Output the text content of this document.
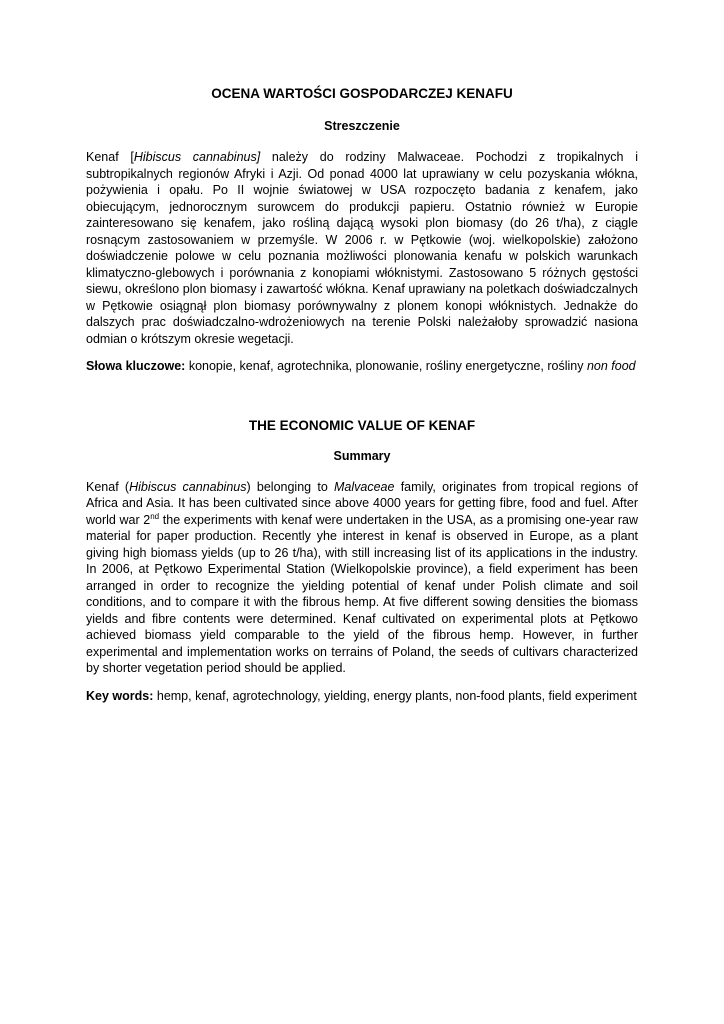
OCENA WARTOŚCI GOSPODARCZEJ KENAFU
Streszczenie

Kenaf [Hibiscus cannabinus] należy do rodziny Malwaceae. Pochodzi z tropikalnych i subtropikalnych regionów Afryki i Azji. Od ponad 4000 lat uprawiany w celu pozyskania włókna, pożywienia i opału. Po II wojnie światowej w USA rozpoczęto badania z kenafem, jako obiecującym, jednorocznym surowcem do produkcji papieru. Ostatnio również w Europie zainteresowano się kenafem, jako rośliną dającą wysoki plon biomasy (do 26 t/ha), z ciągle rosnącym zastosowaniem w przemyśle. W 2006 r. w Pętkowie (woj. wielkopolskie) założono doświadczenie polowe w celu poznania możliwości plonowania kenafu w polskich warunkach klimatyczno-glebowych i porównania z konopiami włóknistymi. Zastosowano 5 różnych gęstości siewu, określono plon biomasy i zawartość włókna. Kenaf uprawiany na poletkach doświadczalnych w Pętkowie osiągnął plon biomasy porównywalny z plonem konopi włóknistych. Jednakże do dalszych prac doświadczalno-wdrożeniowych na terenie Polski należałoby sprowadzić nasiona odmian o krótszym okresie wegetacji.

Słowa kluczowe: konopie, kenaf, agrotechnika, plonowanie, rośliny energetyczne, rośliny non food

THE ECONOMIC VALUE OF KENAF
Summary

Kenaf (Hibiscus cannabinus) belonging to Malvaceae family, originates from tropical regions of Africa and Asia. It has been cultivated since above 4000 years for getting fibre, food and fuel. After world war 2nd the experiments with kenaf were undertaken in the USA, as a promising one-year raw material for paper production. Recently yhe interest in kenaf is observed in Europe, as a plant giving high biomass yields (up to 26 t/ha), with still increasing list of its applications in the industry. In 2006, at Pętkowo Experimental Station (Wielkopolskie province), a field experiment has been arranged in order to recognize the yielding potential of kenaf under Polish climate and soil conditions, and to compare it with the fibrous hemp. At five different sowing densities the biomass yields and fibre contents were determined. Kenaf cultivated on experimental plots at Pętkowo achieved biomass yield comparable to the yield of the fibrous hemp. However, in further experimental and implementation works on terrains of Poland, the seeds of cultivars characterized by shorter vegetation period should be applied.

Key words: hemp, kenaf, agrotechnology, yielding, energy plants, non-food plants, field experiment
